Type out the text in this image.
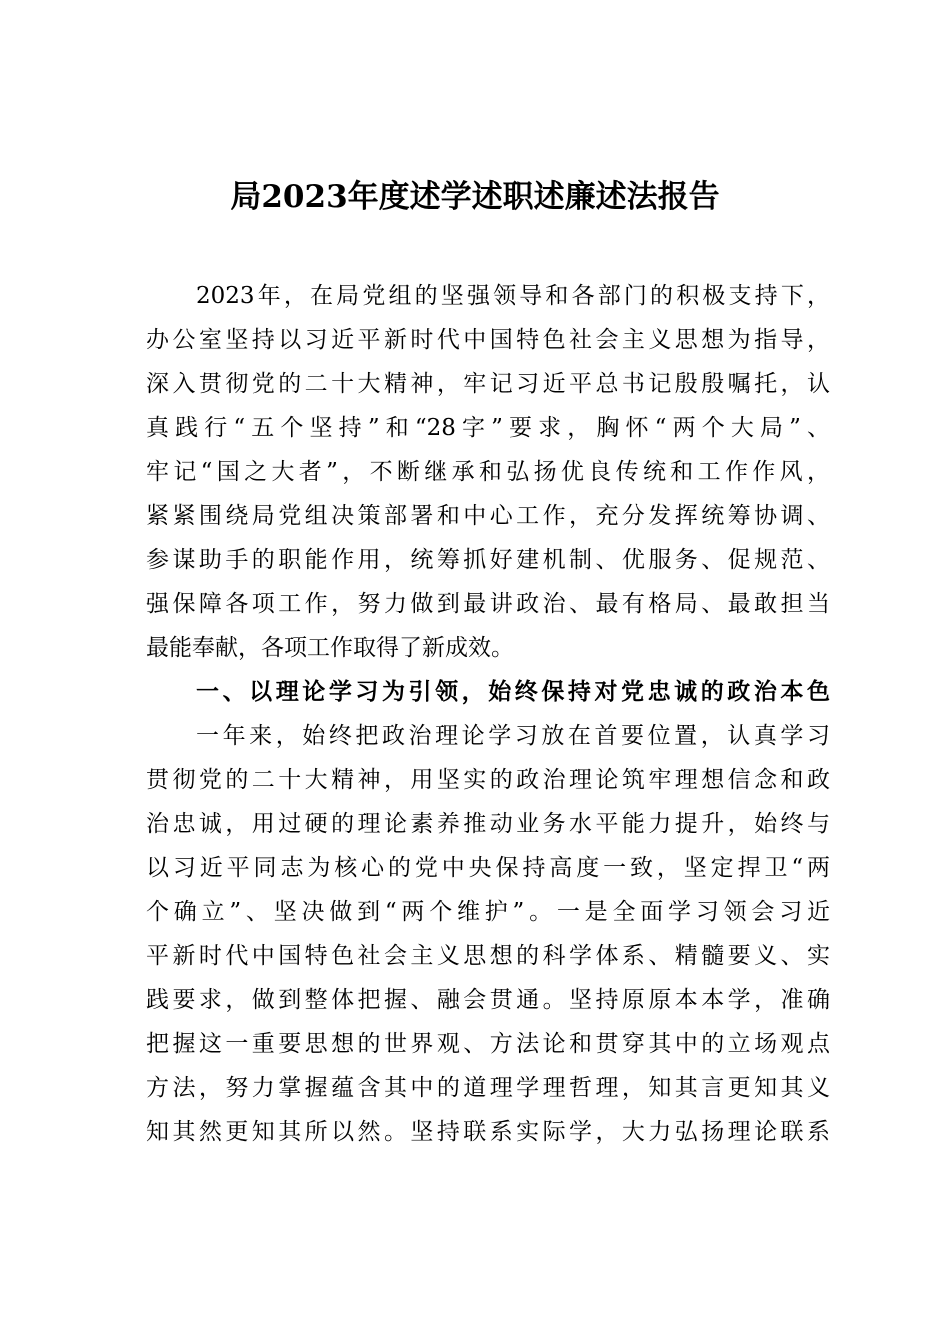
局2023年度述学述职述廉述法报告
2023年，在局党组的坚强领导和各部门的积极支持下，
办公室坚持以习近平新时代中国特色社会主义思想为指导，
深入贯彻党的二十大精神，牢记习近平总书记殷殷嘱托，认
真践行“五个坚持”和“28字”要求，胸怀“两个大局”、
牢记“国之大者”，不断继承和弘扬优良传统和工作作风，
紧紧围绕局党组决策部署和中心工作，充分发挥统筹协调、
参谋助手的职能作用，统筹抓好建机制、优服务、促规范、
强保障各项工作，努力做到最讲政治、最有格局、最敢担当
最能奉献，各项工作取得了新成效。
一、以理论学习为引领，始终保持对党忠诚的政治本色
一年来，始终把政治理论学习放在首要位置，认真学习
贯彻党的二十大精神，用坚实的政治理论筑牢理想信念和政
治忠诚，用过硬的理论素养推动业务水平能力提升，始终与
以习近平同志为核心的党中央保持高度一致，坚定捍卫“两
个确立”、坚决做到“两个维护”。一是全面学习领会习近
平新时代中国特色社会主义思想的科学体系、精髓要义、实
践要求，做到整体把握、融会贯通。坚持原原本本学，准确
把握这一重要思想的世界观、方法论和贯穿其中的立场观点
方法，努力掌握蕴含其中的道理学理哲理，知其言更知其义
知其然更知其所以然。坚持联系实际学，大力弘扬理论联系
